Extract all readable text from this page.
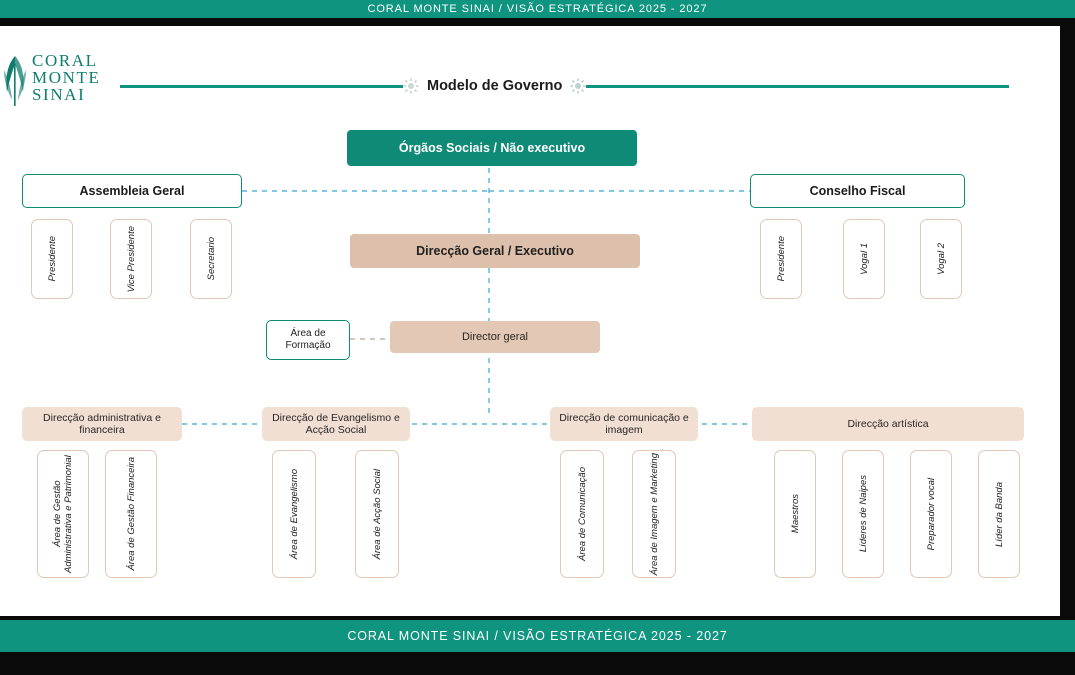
CORAL MONTE SINAI / VISÃO ESTRATÉGICA 2025 - 2027
CORAL
MONTE
SINAI	Modelo de Governo
Órgãos Sociais / Não executivo
Assembleia Geral
Presidente	Vice Presidente	Secretario
Conselho Fiscal
Presidente	Vogal 1	Vogal 2
Direcção Geral / Executivo
Área de Formação
Director geral
Direcção administrativa e financeira
Área de Gestão Administrativa e Patrimonial	Área de Gestão Financeira
Direcção de Evangelismo e Acção Social
Área de Evangelismo	Área de Acção Social
Direcção de comunicação e imagem
Área de Comunicação	Área de Imagem e Marketing
Direcção artística
Maestros	Líderes de Naipes	Preparador vocal	Líder da Banda
CORAL MONTE SINAI / VISÃO ESTRATÉGICA 2025 - 2027
